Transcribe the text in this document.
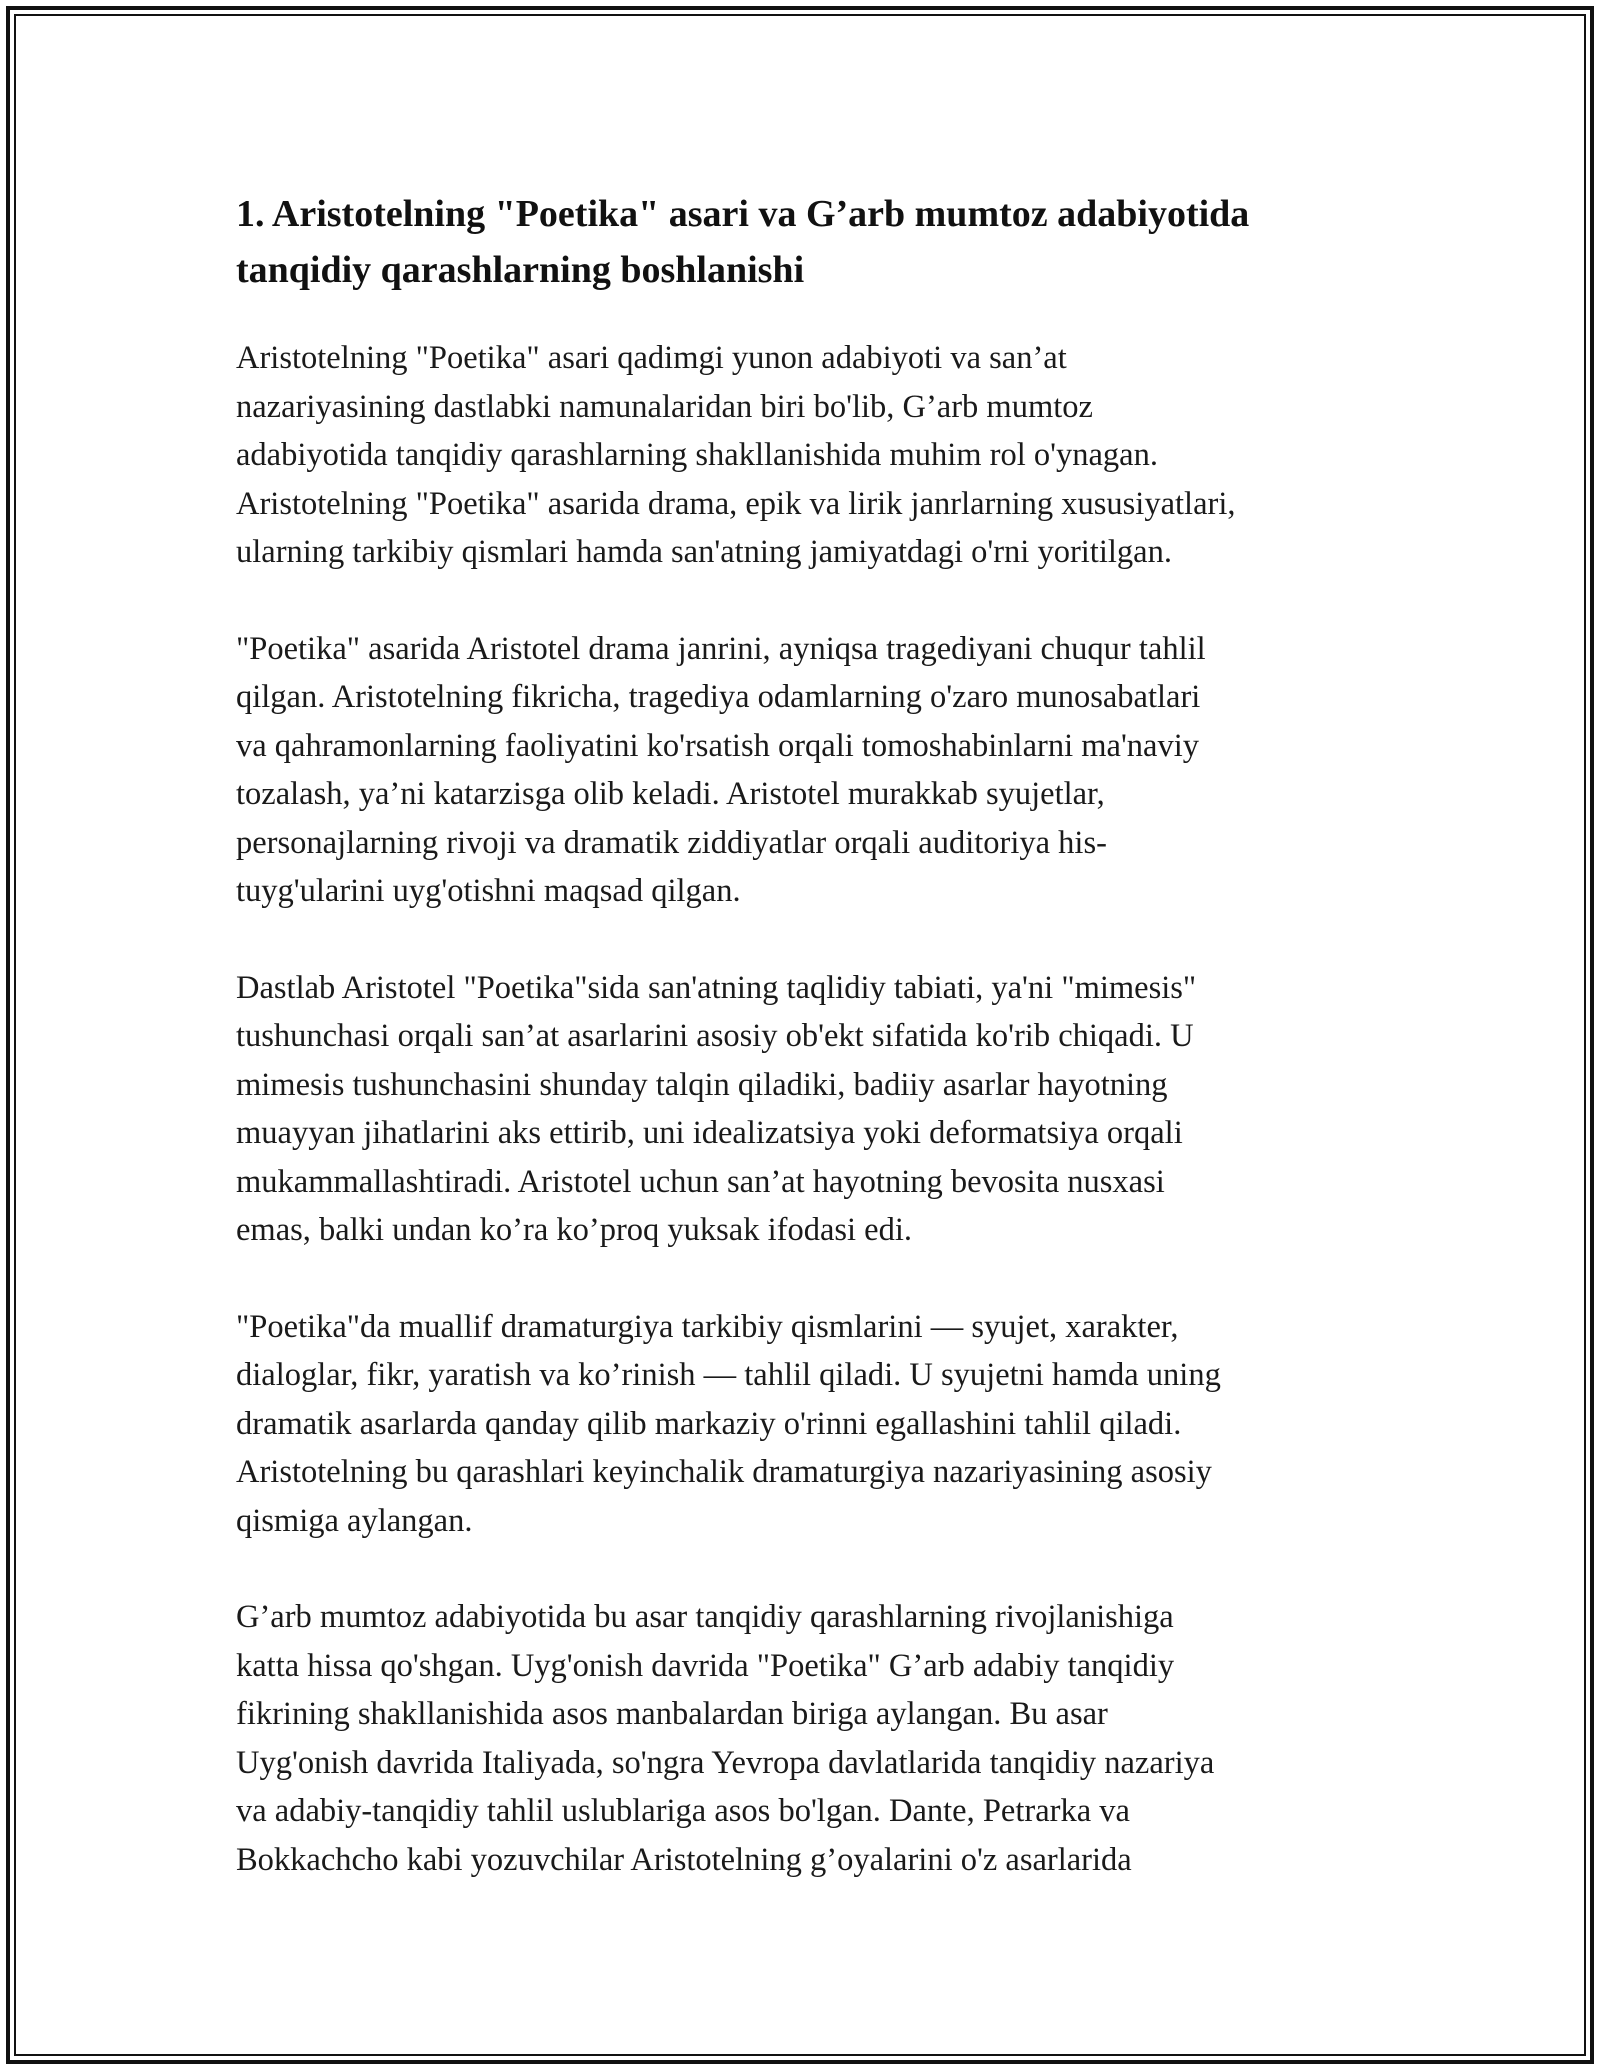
1. Aristotelning "Poetika" asari va G’arb mumtoz adabiyotida
tanqidiy qarashlarning boshlanishi

Aristotelning "Poetika" asari qadimgi yunon adabiyoti va san’at
nazariyasining dastlabki namunalaridan biri bo'lib, G’arb mumtoz
adabiyotida tanqidiy qarashlarning shakllanishida muhim rol o'ynagan.
Aristotelning "Poetika" asarida drama, epik va lirik janrlarning xususiyatlari,
ularning tarkibiy qismlari hamda san'atning jamiyatdagi o'rni yoritilgan.

"Poetika" asarida Aristotel drama janrini, ayniqsa tragediyani chuqur tahlil
qilgan. Aristotelning fikricha, tragediya odamlarning o'zaro munosabatlari
va qahramonlarning faoliyatini ko'rsatish orqali tomoshabinlarni ma'naviy
tozalash, ya’ni katarzisga olib keladi. Aristotel murakkab syujetlar,
personajlarning rivoji va dramatik ziddiyatlar orqali auditoriya his-
tuyg'ularini uyg'otishni maqsad qilgan.

Dastlab Aristotel "Poetika"sida san'atning taqlidiy tabiati, ya'ni "mimesis"
tushunchasi orqali san’at asarlarini asosiy ob'ekt sifatida ko'rib chiqadi. U
mimesis tushunchasini shunday talqin qiladiki, badiiy asarlar hayotning
muayyan jihatlarini aks ettirib, uni idealizatsiya yoki deformatsiya orqali
mukammallashtiradi. Aristotel uchun san’at hayotning bevosita nusxasi
emas, balki undan ko’ra ko’proq yuksak ifodasi edi.

"Poetika"da muallif dramaturgiya tarkibiy qismlarini — syujet, xarakter,
dialoglar, fikr, yaratish va ko’rinish — tahlil qiladi. U syujetni hamda uning
dramatik asarlarda qanday qilib markaziy o'rinni egallashini tahlil qiladi.
Aristotelning bu qarashlari keyinchalik dramaturgiya nazariyasining asosiy
qismiga aylangan.

G’arb mumtoz adabiyotida bu asar tanqidiy qarashlarning rivojlanishiga
katta hissa qo'shgan. Uyg'onish davrida "Poetika" G’arb adabiy tanqidiy
fikrining shakllanishida asos manbalardan biriga aylangan. Bu asar
Uyg'onish davrida Italiyada, so'ngra Yevropa davlatlarida tanqidiy nazariya
va adabiy-tanqidiy tahlil uslublariga asos bo'lgan. Dante, Petrarka va
Bokkachcho kabi yozuvchilar Aristotelning g’oyalarini o'z asarlarida
